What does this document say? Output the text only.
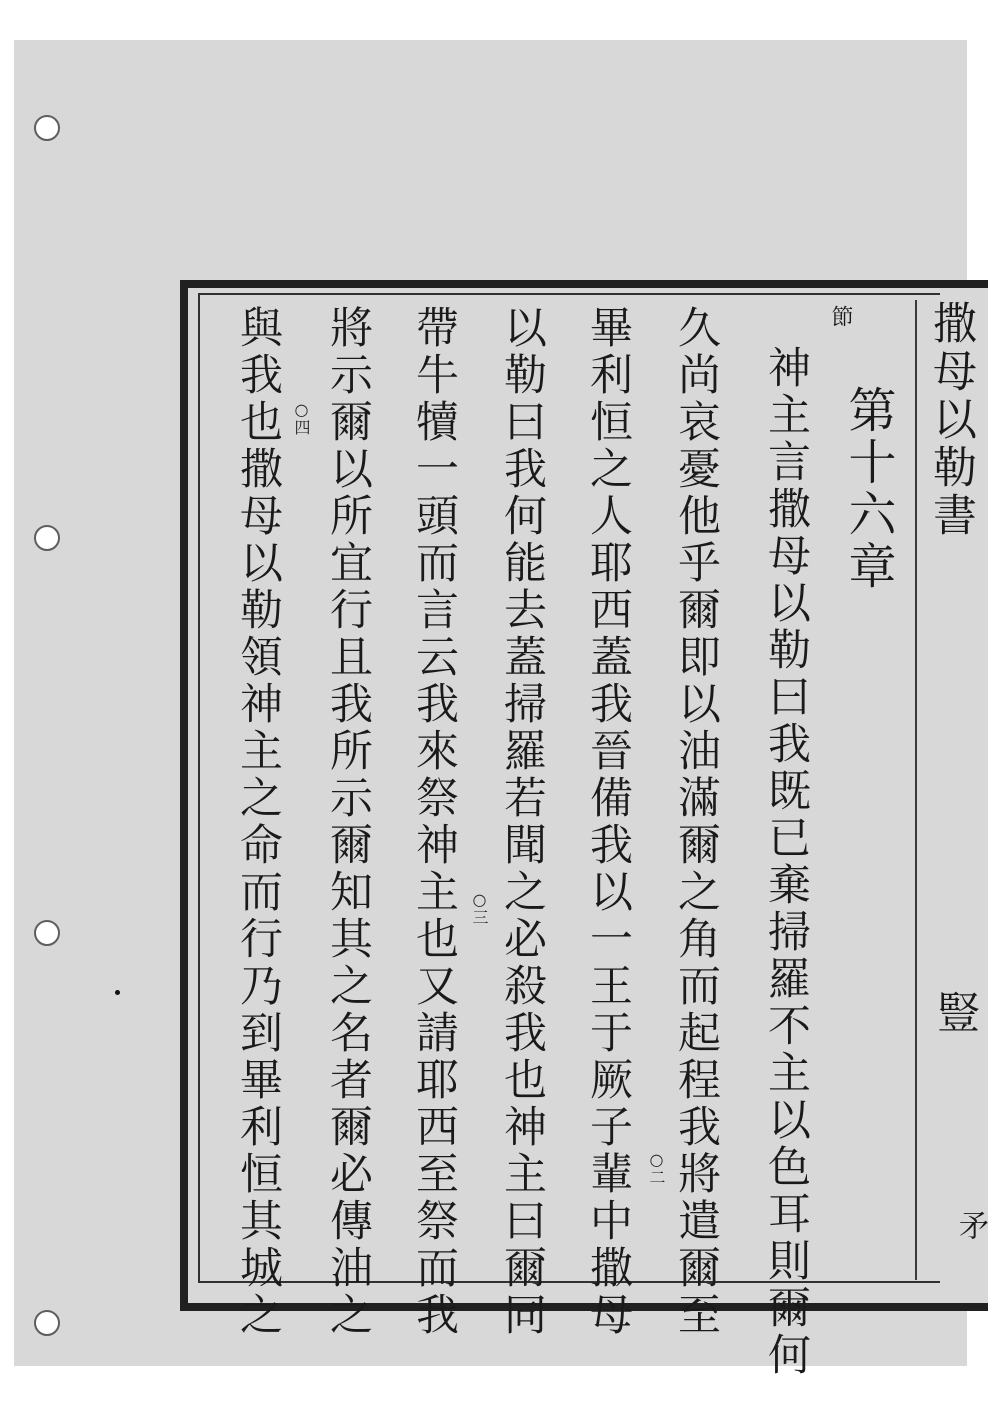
撒母以勒書
豎
矛
第十六章
節
神主言撒母以勒曰我既已棄掃羅不主以色耳則爾何
久尚哀憂他乎爾即以油滿爾之角而起程我將遣爾至
畢利恒之人耶西蓋我晉備我以一王于厥子輩中撒母
以勒曰我何能去蓋掃羅若聞之必殺我也神主曰爾同
帶牛犢一頭而言云我來祭神主也又請耶西至祭而我
將示爾以所宜行且我所示爾知其之名者爾必傳油之
與我也撒母以勒領神主之命而行乃到畢利恒其城之	○二
○三
○四
